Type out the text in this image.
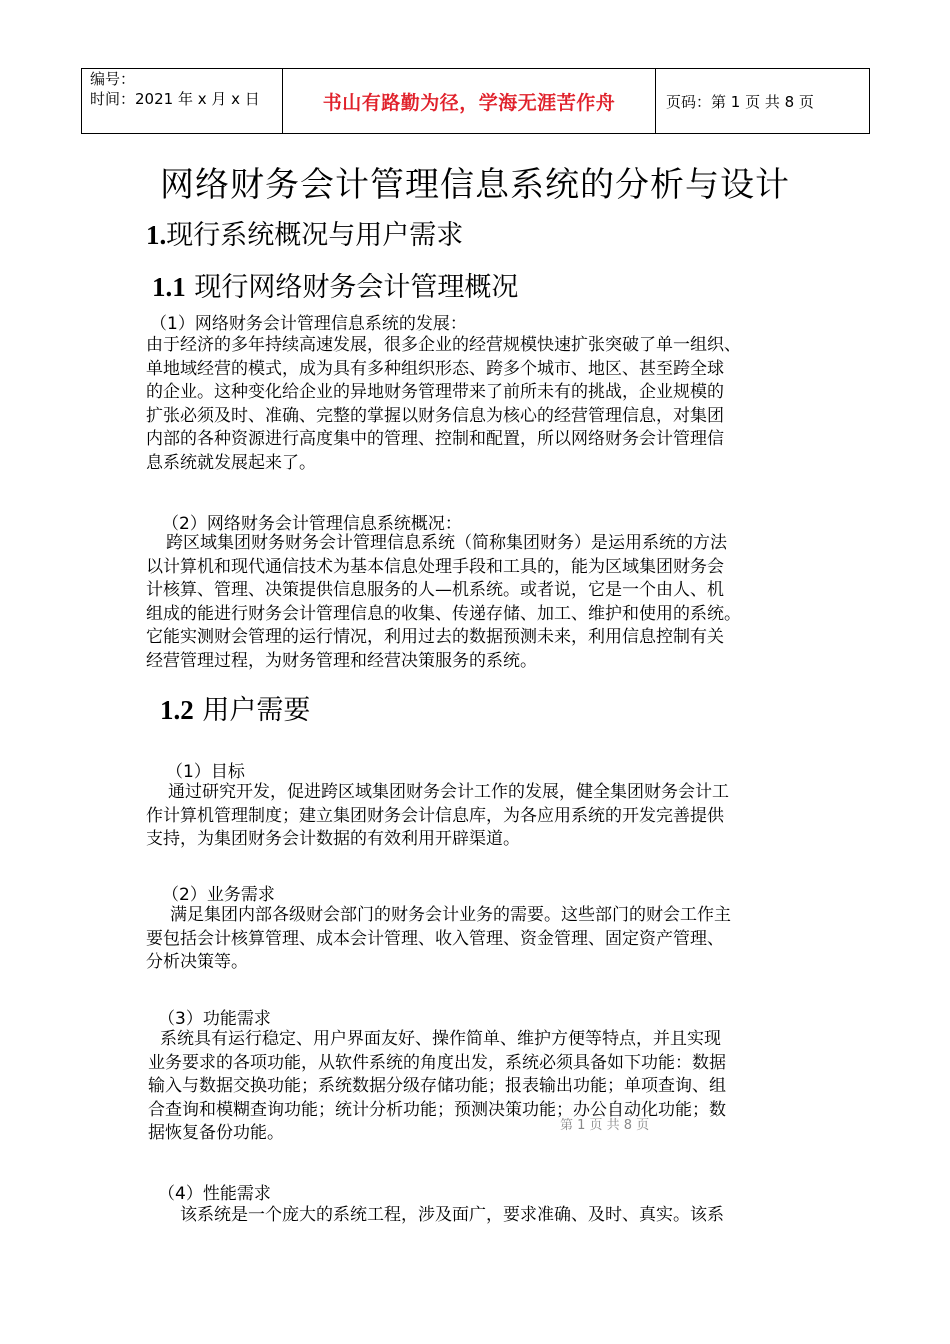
编号：
时间：2021 年 x 月 x 日	书山有路勤为径，学海无涯苦作舟	页码：第 1 页 共 8 页
网络财务会计管理信息系统的分析与设计
1.现行系统概况与用户需求
1.1 现行网络财务会计管理概况
（1）网络财务会计管理信息系统的发展：
由于经济的多年持续高速发展，很多企业的经营规模快速扩张突破了单一组织、
单地域经营的模式，成为具有多种组织形态、跨多个城市、地区、甚至跨全球
的企业。这种变化给企业的异地财务管理带来了前所未有的挑战，企业规模的
扩张必须及时、准确、完整的掌握以财务信息为核心的经营管理信息，对集团
内部的各种资源进行高度集中的管理、控制和配置，所以网络财务会计管理信
息系统就发展起来了。
（2）网络财务会计管理信息系统概况：
跨区域集团财务财务会计管理信息系统（简称集团财务）是运用系统的方法
以计算机和现代通信技术为基本信息处理手段和工具的，能为区域集团财务会
计核算、管理、决策提供信息服务的人—机系统。或者说，它是一个由人、机
组成的能进行财务会计管理信息的收集、传递存储、加工、维护和使用的系统。
它能实测财会管理的运行情况，利用过去的数据预测未来，利用信息控制有关
经营管理过程，为财务管理和经营决策服务的系统。
1.2 用户需要
（1）目标
通过研究开发，促进跨区域集团财务会计工作的发展，健全集团财务会计工
作计算机管理制度；建立集团财务会计信息库，为各应用系统的开发完善提供
支持，为集团财务会计数据的有效利用开辟渠道。
（2）业务需求
满足集团内部各级财会部门的财务会计业务的需要。这些部门的财会工作主
要包括会计核算管理、成本会计管理、收入管理、资金管理、固定资产管理、
分析决策等。
（3）功能需求
系统具有运行稳定、用户界面友好、操作简单、维护方便等特点，并且实现
业务要求的各项功能，从软件系统的角度出发，系统必须具备如下功能：数据
输入与数据交换功能；系统数据分级存储功能；报表输出功能；单项查询、组
合查询和模糊查询功能；统计分析功能；预测决策功能；办公自动化功能；数
据恢复备份功能。	第 1 页 共 8 页
（4）性能需求
该系统是一个庞大的系统工程，涉及面广，要求准确、及时、真实。该系
